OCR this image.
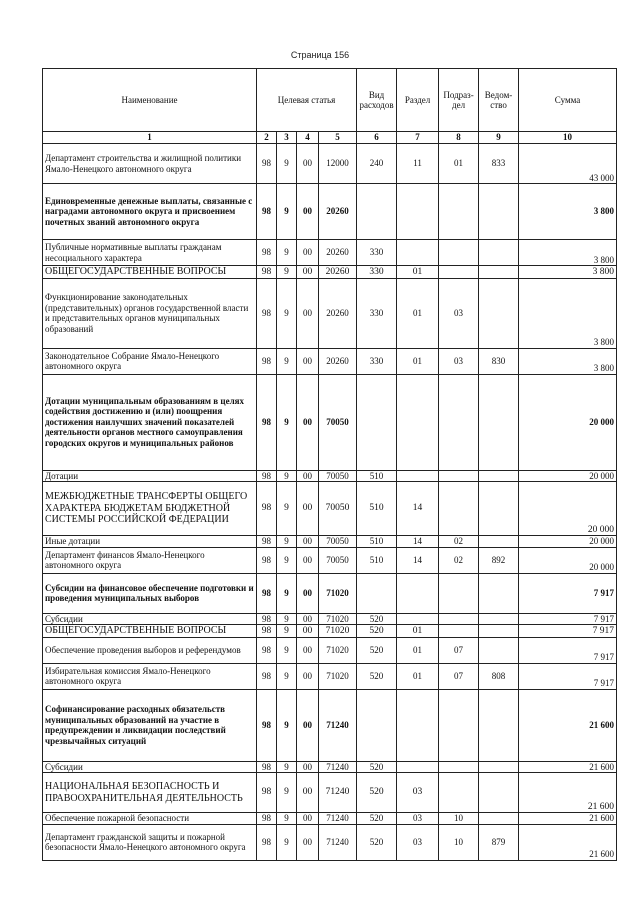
Страница 156
Наименование	Целевая статья				Вид расходов	Раздел	Подраз-дел	Ведом-ство	Сумма
1	2	3	4	5	6	7	8	9	10
Департамент строительства и жилищной политики Ямало-Ненецкого автономного округа	98	9	00	12000	240	11	01	833	43 000
Единовременные денежные выплаты, связанные с наградами автономного округа и присвоением почетных званий автономного округа	98	9	00	20260					3 800
Публичные нормативные выплаты гражданам несоциального характера	98	9	00	20260	330				3 800
ОБЩЕГОСУДАРСТВЕННЫЕ ВОПРОСЫ	98	9	00	20260	330	01			3 800
Функционирование законодательных (представительных) органов государственной власти и представительных органов муниципальных образований	98	9	00	20260	330	01	03		3 800
Законодательное Собрание Ямало-Ненецкого автономного округа	98	9	00	20260	330	01	03	830	3 800
Дотации муниципальным образованиям в целях содействия достижению и (или) поощрения достижения наилучших значений показателей деятельности органов местного самоуправления городских округов и муниципальных районов	98	9	00	70050					20 000
Дотации	98	9	00	70050	510				20 000
МЕЖБЮДЖЕТНЫЕ ТРАНСФЕРТЫ ОБЩЕГО ХАРАКТЕРА БЮДЖЕТАМ БЮДЖЕТНОЙ СИСТЕМЫ РОССИЙСКОЙ ФЕДЕРАЦИИ	98	9	00	70050	510	14			20 000
Иные дотации	98	9	00	70050	510	14	02		20 000
Департамент финансов Ямало-Ненецкого автономного округа	98	9	00	70050	510	14	02	892	20 000
Субсидии на финансовое обеспечение подготовки и проведения муниципальных выборов	98	9	00	71020					7 917
Субсидии	98	9	00	71020	520				7 917
ОБЩЕГОСУДАРСТВЕННЫЕ ВОПРОСЫ	98	9	00	71020	520	01			7 917
Обеспечение проведения выборов и референдумов	98	9	00	71020	520	01	07		7 917
Избирательная комиссия Ямало-Ненецкого автономного округа	98	9	00	71020	520	01	07	808	7 917
Софинансирование расходных обязательств муниципальных образований на участие в предупреждении и ликвидации последствий чрезвычайных ситуаций	98	9	00	71240					21 600
Субсидии	98	9	00	71240	520				21 600
НАЦИОНАЛЬНАЯ БЕЗОПАСНОСТЬ И ПРАВООХРАНИТЕЛЬНАЯ ДЕЯТЕЛЬНОСТЬ	98	9	00	71240	520	03			21 600
Обеспечение пожарной безопасности	98	9	00	71240	520	03	10		21 600
Департамент гражданской защиты и пожарной безопасности Ямало-Ненецкого автономного округа	98	9	00	71240	520	03	10	879	21 600
